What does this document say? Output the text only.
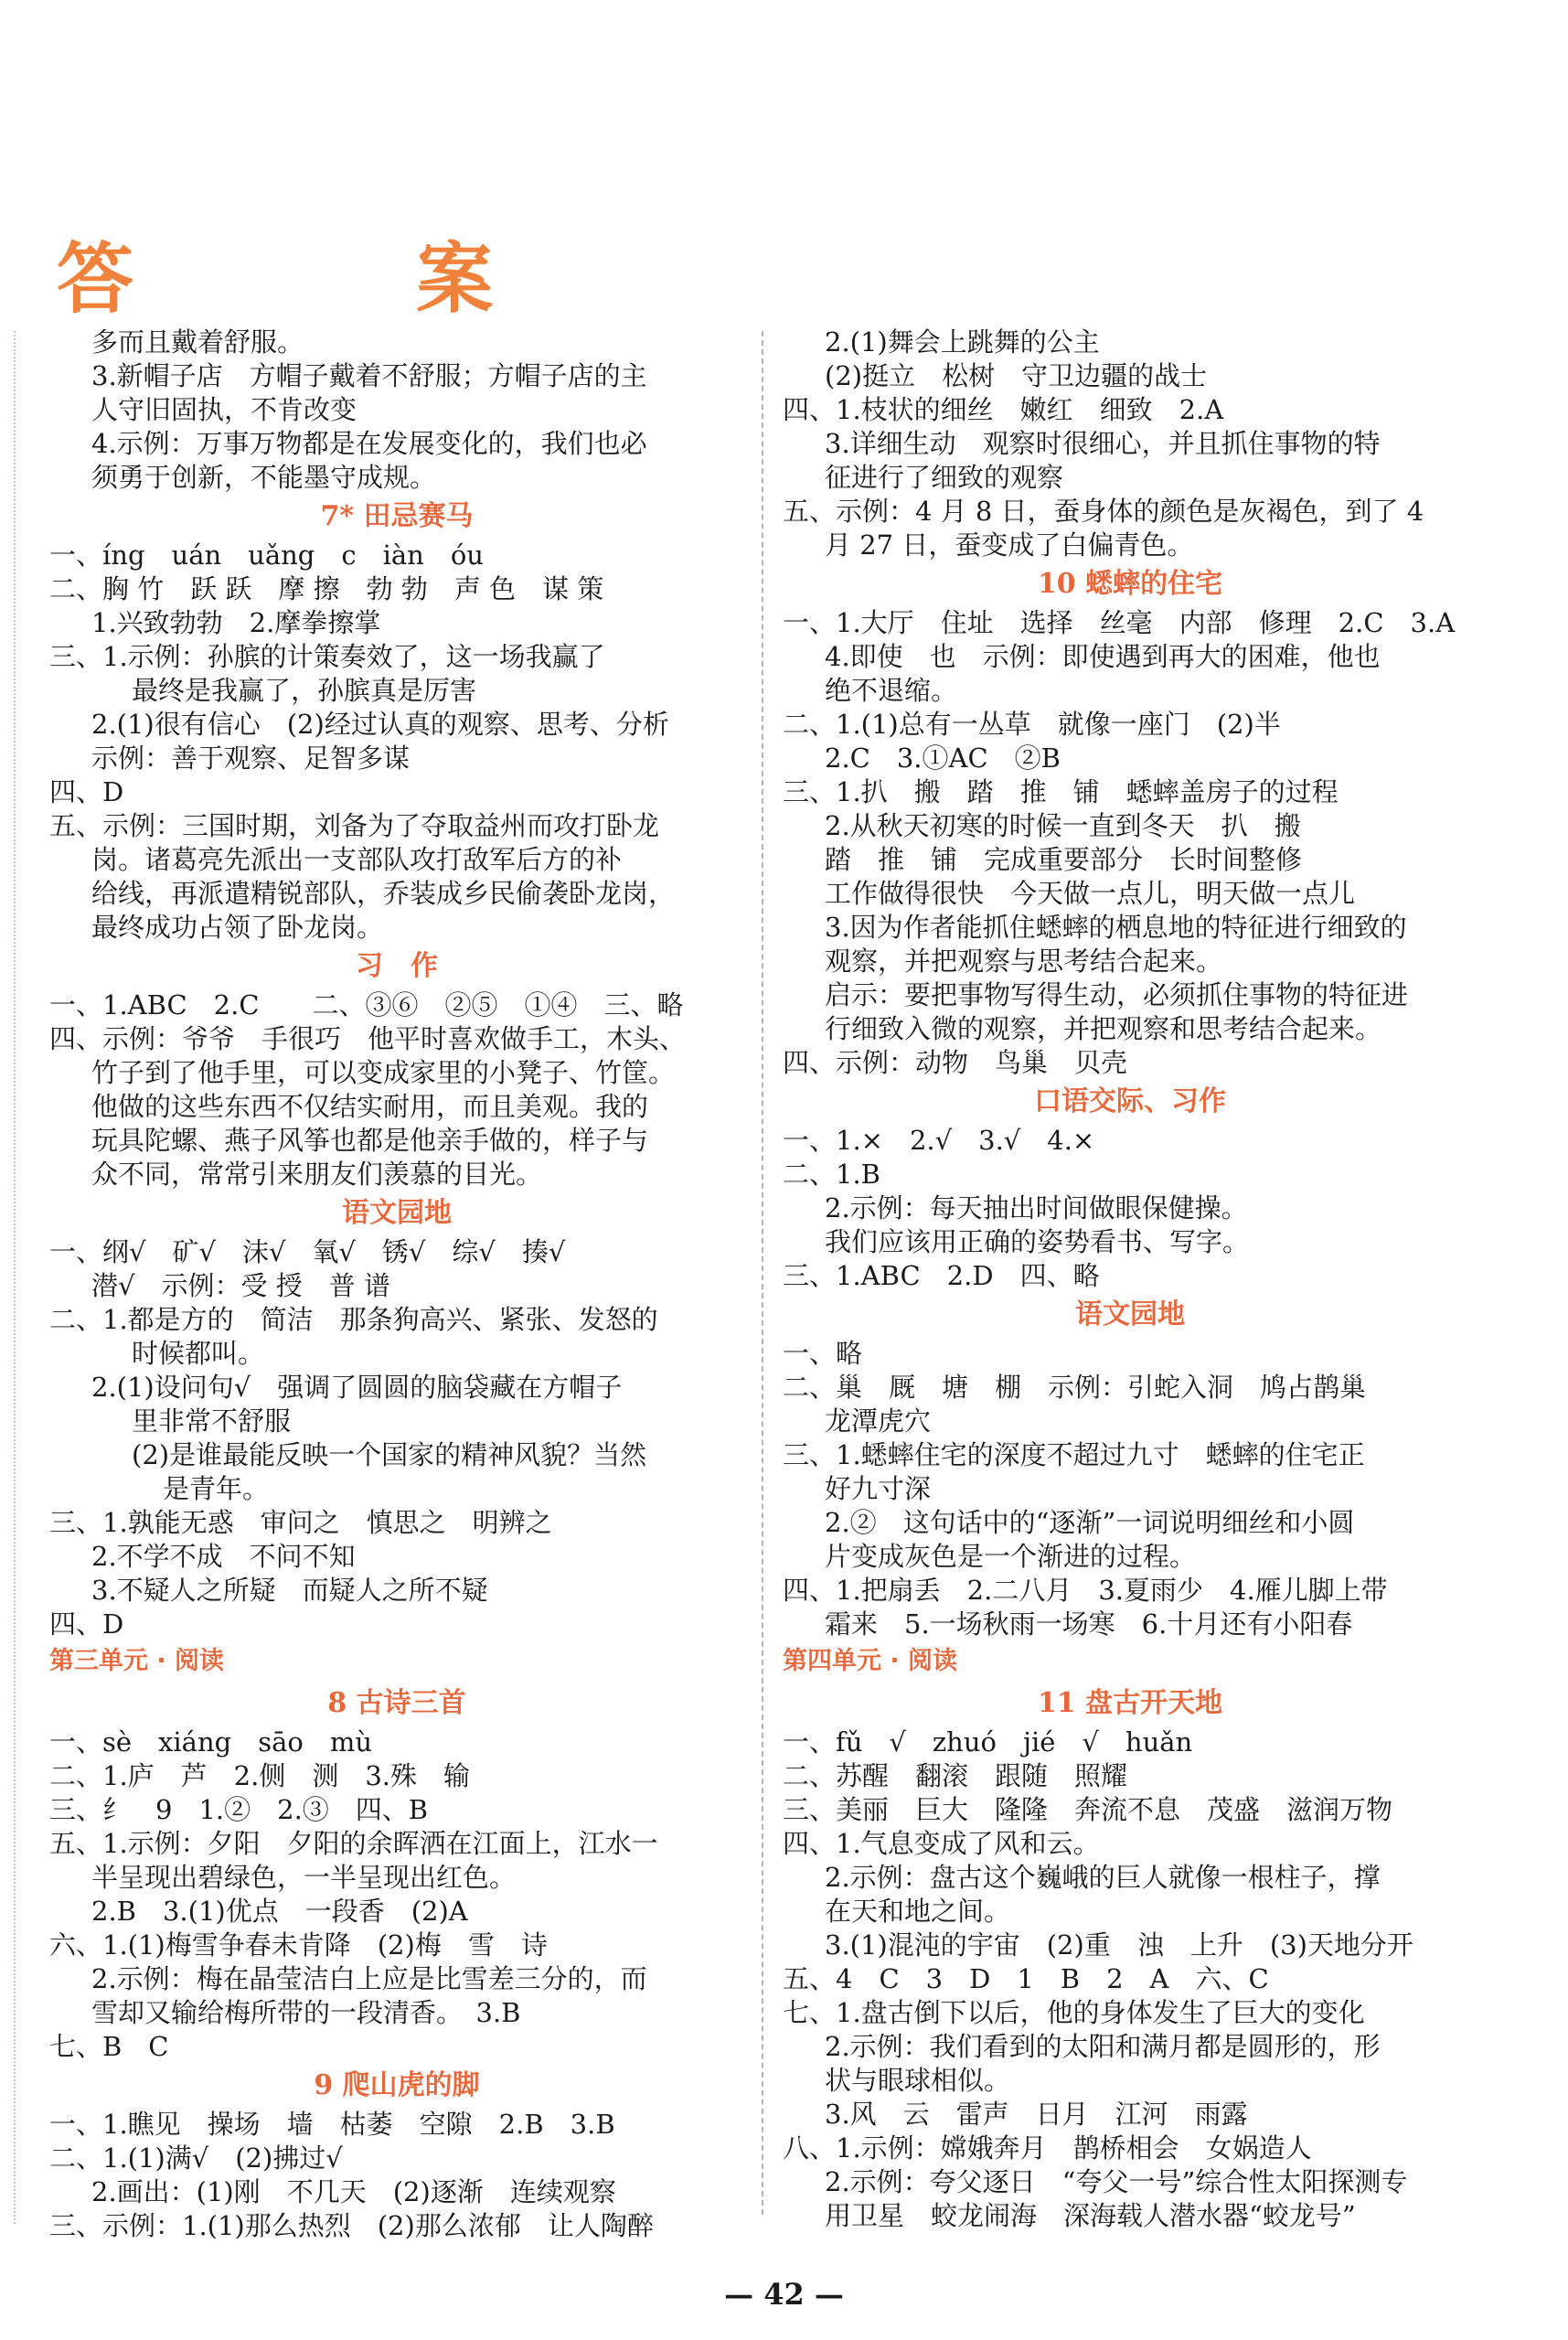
答 案
多而且戴着舒服。
3.新帽子店　方帽子戴着不舒服；方帽子店的主
人守旧固执，不肯改变
4.示例：万事万物都是在发展变化的，我们也必
须勇于创新，不能墨守成规。
7* 田忌赛马
一、íng　uán　uǎng　c　iàn　óu
二、胸 竹　跃 跃　摩 擦　勃 勃　声 色　谋 策
1.兴致勃勃　2.摩拳擦掌
三、1.示例：孙膑的计策奏效了，这一场我赢了
最终是我赢了，孙膑真是厉害
2.(1)很有信心　(2)经过认真的观察、思考、分析
示例：善于观察、足智多谋
四、D
五、示例：三国时期，刘备为了夺取益州而攻打卧龙
岗。诸葛亮先派出一支部队攻打敌军后方的补
给线，再派遣精锐部队，乔装成乡民偷袭卧龙岗，
最终成功占领了卧龙岗。
习　作
一、1.ABC　2.C　　二、③⑥　②⑤　①④　三、略
四、示例：爷爷　手很巧　他平时喜欢做手工，木头、
竹子到了他手里，可以变成家里的小凳子、竹筐。
他做的这些东西不仅结实耐用，而且美观。我的
玩具陀螺、燕子风筝也都是他亲手做的，样子与
众不同，常常引来朋友们羡慕的目光。
语文园地
一、纲√　矿√　沫√　氧√　锈√　综√　揍√
潜√　示例：受 授　普 谱
二、1.都是方的　简洁　那条狗高兴、紧张、发怒的
时候都叫。
2.(1)设问句√　强调了圆圆的脑袋藏在方帽子
里非常不舒服
(2)是谁最能反映一个国家的精神风貌？当然
是青年。
三、1.孰能无惑　审问之　慎思之　明辨之
2.不学不成　不问不知
3.不疑人之所疑　而疑人之所不疑
四、D
第三单元 · 阅读
8 古诗三首
一、sè　xiáng　sāo　mù
二、1.庐　芦　2.侧　测　3.殊　输
三、纟　9　1.②　2.③　四、B
五、1.示例：夕阳　夕阳的余晖洒在江面上，江水一
半呈现出碧绿色，一半呈现出红色。
2.B　3.(1)优点　一段香　(2)A
六、1.(1)梅雪争春未肯降　(2)梅　雪　诗
2.示例：梅在晶莹洁白上应是比雪差三分的，而
雪却又输给梅所带的一段清香。　3.B
七、B　C
9 爬山虎的脚
一、1.瞧见　操场　墙　枯萎　空隙　2.B　3.B
二、1.(1)满√　(2)拂过√
2.画出：(1)刚　不几天　(2)逐渐　连续观察
三、示例：1.(1)那么热烈　(2)那么浓郁　让人陶醉
2.(1)舞会上跳舞的公主
(2)挺立　松树　守卫边疆的战士
四、1.枝状的细丝　嫩红　细致　2.A
3.详细生动　观察时很细心，并且抓住事物的特
征进行了细致的观察
五、示例：4 月 8 日，蚕身体的颜色是灰褐色，到了 4
月 27 日，蚕变成了白偏青色。
10 蟋蟀的住宅
一、1.大厅　住址　选择　丝毫　内部　修理　2.C　3.A
4.即使　也　示例：即使遇到再大的困难，他也
绝不退缩。
二、1.(1)总有一丛草　就像一座门　(2)半
2.C　3.①AC　②B
三、1.扒　搬　踏　推　铺　蟋蟀盖房子的过程
2.从秋天初寒的时候一直到冬天　扒　搬
踏　推　铺　完成重要部分　长时间整修
工作做得很快　今天做一点儿，明天做一点儿
3.因为作者能抓住蟋蟀的栖息地的特征进行细致的
观察，并把观察与思考结合起来。
启示：要把事物写得生动，必须抓住事物的特征进
行细致入微的观察，并把观察和思考结合起来。
四、示例：动物　鸟巢　贝壳
口语交际、习作
一、1.×　2.√　3.√　4.×
二、1.B
2.示例：每天抽出时间做眼保健操。
我们应该用正确的姿势看书、写字。
三、1.ABC　2.D　四、略
语文园地
一、略
二、巢　厩　塘　棚　示例：引蛇入洞　鸠占鹊巢
龙潭虎穴
三、1.蟋蟀住宅的深度不超过九寸　蟋蟀的住宅正
好九寸深
2.②　这句话中的“逐渐”一词说明细丝和小圆
片变成灰色是一个渐进的过程。
四、1.把扇丢　2.二八月　3.夏雨少　4.雁儿脚上带
霜来　5.一场秋雨一场寒　6.十月还有小阳春
第四单元 · 阅读
11 盘古开天地
一、fǔ　√　zhuó　jié　√　huǎn
二、苏醒　翻滚　跟随　照耀
三、美丽　巨大　隆隆　奔流不息　茂盛　滋润万物
四、1.气息变成了风和云。
2.示例：盘古这个巍峨的巨人就像一根柱子，撑
在天和地之间。
3.(1)混沌的宇宙　(2)重　浊　上升　(3)天地分开
五、4　C　3　D　1　B　2　A　六、C
七、1.盘古倒下以后，他的身体发生了巨大的变化
2.示例：我们看到的太阳和满月都是圆形的，形
状与眼球相似。
3.风　云　雷声　日月　江河　雨露
八、1.示例：嫦娥奔月　鹊桥相会　女娲造人
2.示例：夸父逐日　“夸父一号”综合性太阳探测专
用卫星　蛟龙闹海　深海载人潜水器“蛟龙号”
— 42 —
